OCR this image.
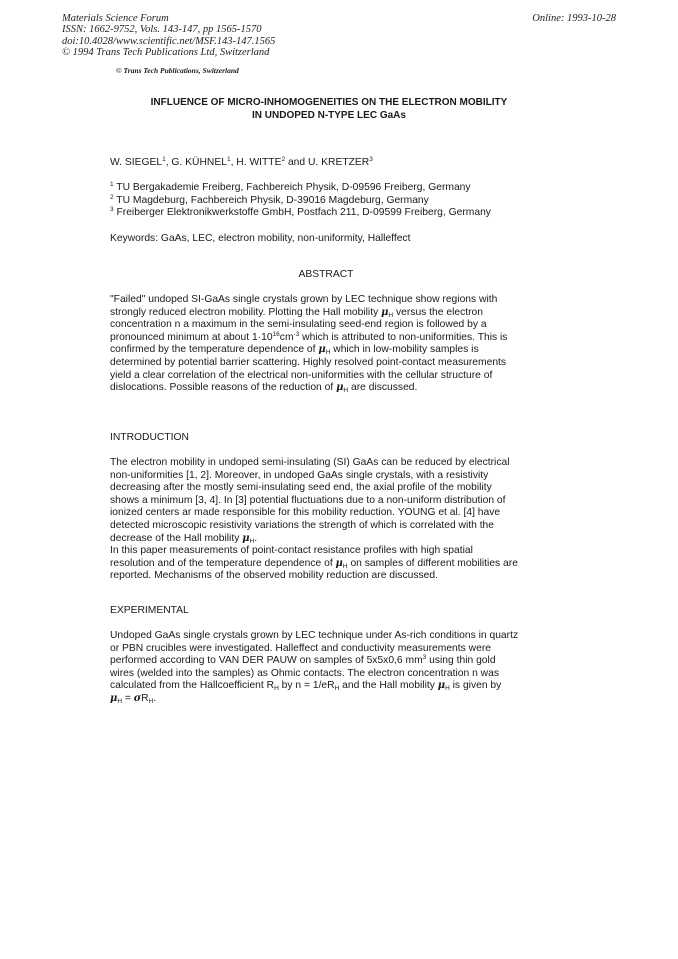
Materials Science Forum
ISSN: 1662-9752, Vols. 143-147, pp 1565-1570
doi:10.4028/www.scientific.net/MSF.143-147.1565
© 1994 Trans Tech Publications Ltd, Switzerland
Online: 1993-10-28
© Trans Tech Publications, Switzerland
INFLUENCE OF MICRO-INHOMOGENEITIES ON THE ELECTRON MOBILITY
IN UNDOPED N-TYPE LEC GaAs
W. SIEGEL$^1$, G. KÜHNEL$^1$, H. WITTE$^2$ and U. KRETZER$^3$
$^1$ TU Bergakademie Freiberg, Fachbereich Physik, D-09596 Freiberg, Germany
$^2$ TU Magdeburg, Fachbereich Physik, D-39016 Magdeburg, Germany
$^3$ Freiberger Elektronikwerkstoffe GmbH, Postfach 211, D-09599 Freiberg, Germany
Keywords: GaAs, LEC, electron mobility, non-uniformity, Halleffect
ABSTRACT
"Failed" undoped SI-GaAs single crystals grown by LEC technique show regions with
strongly reduced electron mobility. Plotting the Hall mobility $\mu_H$ versus the electron
concentration n a maximum in the semi-insulating seed-end region is followed by a
pronounced minimum at about $1\cdot 10^{16}cm^{-3}$ which is attributed to non-uniformities. This is
confirmed by the temperature dependence of $\mu_H$ which in low-mobility samples is
determined by potential barrier scattering. Highly resolved point-contact measurements
yield a clear correlation of the electrical non-uniformities with the cellular structure of
dislocations. Possible reasons of the reduction of $\mu_H$ are discussed.
INTRODUCTION
The electron mobility in undoped semi-insulating (SI) GaAs can be reduced by electrical
non-uniformities [1, 2]. Moreover, in undoped GaAs single crystals, with a resistivity
decreasing after the mostly semi-insulating seed end, the axial profile of the mobility
shows a minimum [3, 4]. In [3] potential fluctuations due to a non-uniform distribution of
ionized centers ar made responsible for this mobility reduction. YOUNG et al. [4] have
detected microscopic resistivity variations the strength of which is correlated with the
decrease of the Hall mobility $\mu_H$.
In this paper measurements of point-contact resistance profiles with high spatial
resolution and of the temperature dependence of $\mu_H$ on samples of different mobilities are
reported. Mechanisms of the observed mobility reduction are discussed.
EXPERIMENTAL
Undoped GaAs single crystals grown by LEC technique under As-rich conditions in quartz
or PBN crucibles were investigated. Halleffect and conductivity measurements were
performed according to VAN DER PAUW on samples of 5x5x0,6 $mm^3$ using thin gold
wires (welded into the samples) as Ohmic contacts. The electron concentration n was
calculated from the Hallcoefficient $R_H$ by $n = 1/eR_H$ and the Hall mobility $\mu_H$ is given by
$\mu_H = \sigma R_H$.
